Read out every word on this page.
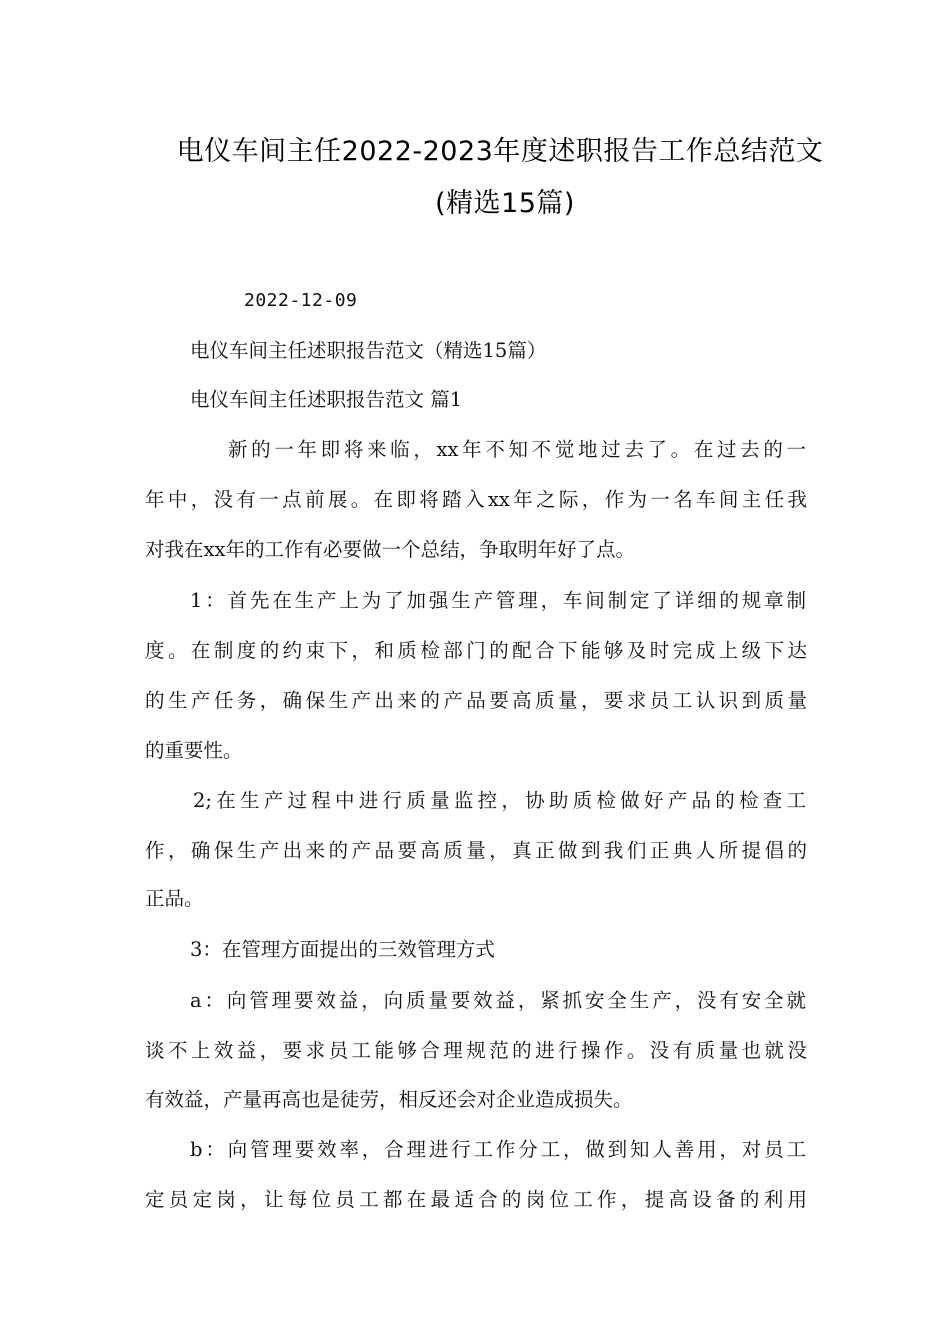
电仪车间主任2022-2023年度述职报告工作总结范文
(精选15篇)
2022-12-09
电仪车间主任述职报告范文（精选15篇）
电仪车间主任述职报告范文 篇1
新的一年即将来临，xx年不知不觉地过去了。在过去的一
年中，没有一点前展。在即将踏入xx年之际，作为一名车间主任我
对我在xx年的工作有必要做一个总结，争取明年好了点。
1：首先在生产上为了加强生产管理，车间制定了详细的规章制
度。在制度的约束下，和质检部门的配合下能够及时完成上级下达
的生产任务，确保生产出来的产品要高质量，要求员工认识到质量
的重要性。
2;在生产过程中进行质量监控，协助质检做好产品的检查工
作，确保生产出来的产品要高质量，真正做到我们正典人所提倡的
正品。
3：在管理方面提出的三效管理方式
a：向管理要效益，向质量要效益，紧抓安全生产，没有安全就
谈不上效益，要求员工能够合理规范的进行操作。没有质量也就没
有效益，产量再高也是徒劳，相反还会对企业造成损失。
b：向管理要效率，合理进行工作分工，做到知人善用，对员工
定员定岗，让每位员工都在最适合的岗位工作，提高设备的利用
